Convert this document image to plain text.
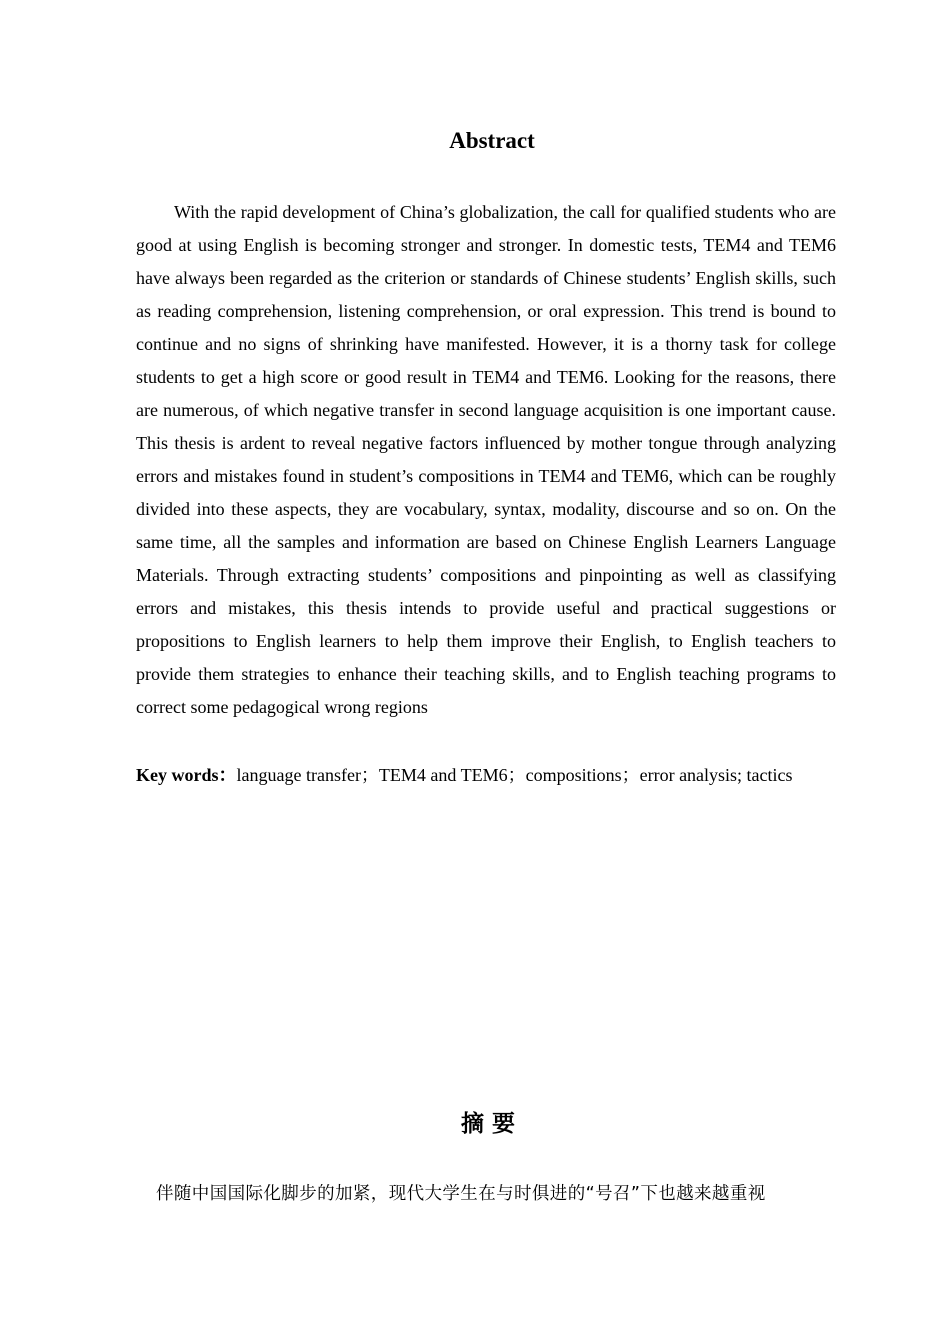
Abstract

With the rapid development of China’s globalization, the call for qualified students who are good at using English is becoming stronger and stronger. In domestic tests, TEM4 and TEM6 have always been regarded as the criterion or standards of Chinese students’ English skills, such as reading comprehension, listening comprehension, or oral expression. This trend is bound to continue and no signs of shrinking have manifested. However, it is a thorny task for college students to get a high score or good result in TEM4 and TEM6. Looking for the reasons, there are numerous, of which negative transfer in second language acquisition is one important cause. This thesis is ardent to reveal negative factors influenced by mother tongue through analyzing errors and mistakes found in student’s compositions in TEM4 and TEM6, which can be roughly divided into these aspects, they are vocabulary, syntax, modality, discourse and so on. On the same time, all the samples and information are based on Chinese English Learners Language Materials. Through extracting students’ compositions and pinpointing as well as classifying errors and mistakes, this thesis intends to provide useful and practical suggestions or propositions to English learners to help them improve their English, to English teachers to provide them strategies to enhance their teaching skills, and to English teaching programs to correct some pedagogical wrong regions

Key words：language transfer；TEM4 and TEM6；compositions；error analysis; tactics

摘要

伴随中国国际化脚步的加紧，现代大学生在与时俱进的“号召”下也越来越重视
